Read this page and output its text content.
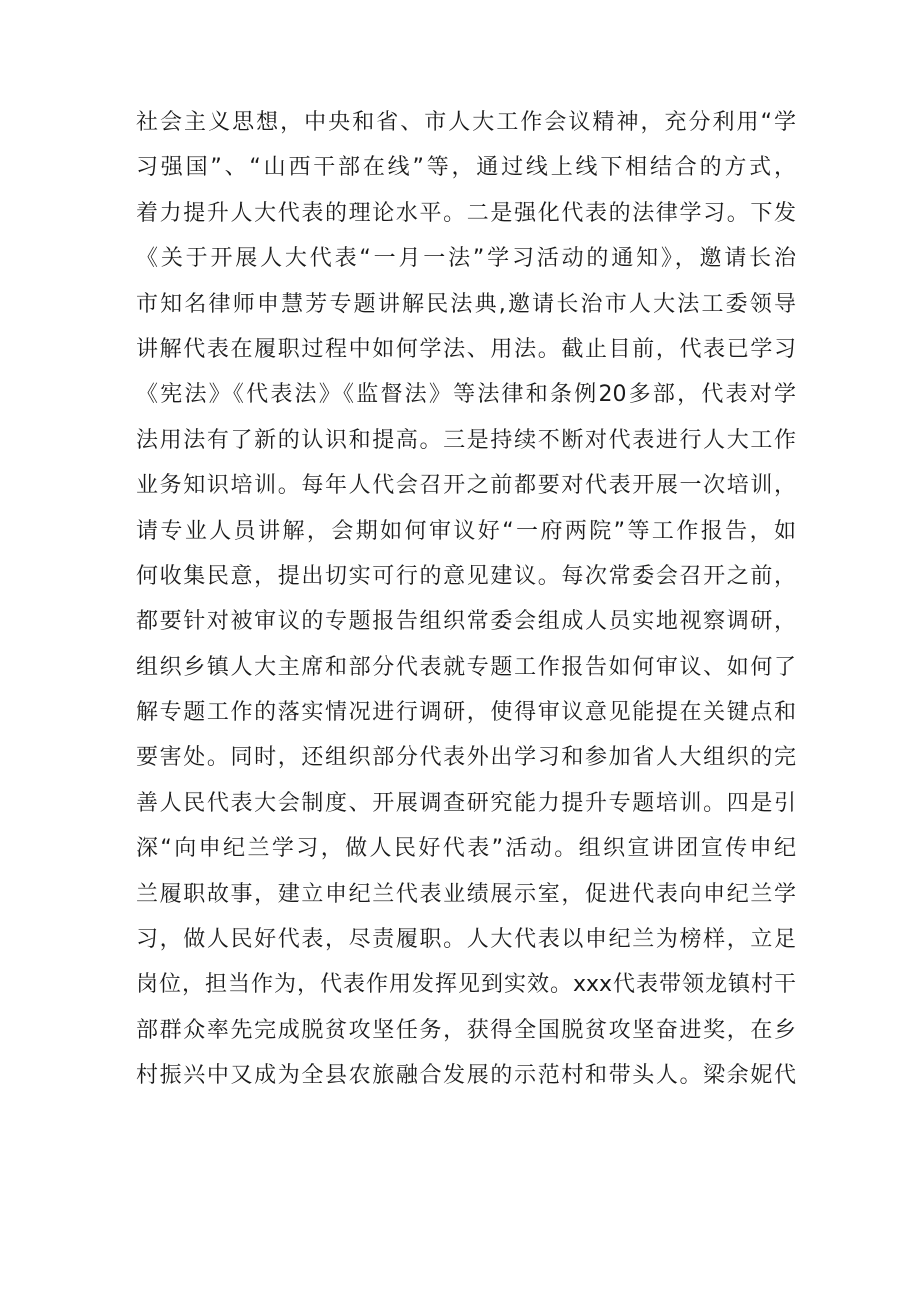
社会主义思想，中央和省、市人大工作会议精神，充分利用“学
习强国”、“山西干部在线”等，通过线上线下相结合的方式，
着力提升人大代表的理论水平。二是强化代表的法律学习。下发
《关于开展人大代表“一月一法”学习活动的通知》，邀请长治
市知名律师申慧芳专题讲解民法典,邀请长治市人大法工委领导
讲解代表在履职过程中如何学法、用法。截止目前，代表已学习
《宪法》《代表法》《监督法》等法律和条例20多部，代表对学
法用法有了新的认识和提高。三是持续不断对代表进行人大工作
业务知识培训。每年人代会召开之前都要对代表开展一次培训，
请专业人员讲解，会期如何审议好“一府两院”等工作报告，如
何收集民意，提出切实可行的意见建议。每次常委会召开之前，
都要针对被审议的专题报告组织常委会组成人员实地视察调研，
组织乡镇人大主席和部分代表就专题工作报告如何审议、如何了
解专题工作的落实情况进行调研，使得审议意见能提在关键点和
要害处。同时，还组织部分代表外出学习和参加省人大组织的完
善人民代表大会制度、开展调查研究能力提升专题培训。四是引
深“向申纪兰学习，做人民好代表”活动。组织宣讲团宣传申纪
兰履职故事，建立申纪兰代表业绩展示室，促进代表向申纪兰学
习，做人民好代表，尽责履职。人大代表以申纪兰为榜样，立足
岗位，担当作为，代表作用发挥见到实效。xxx代表带领龙镇村干
部群众率先完成脱贫攻坚任务，获得全国脱贫攻坚奋进奖，在乡
村振兴中又成为全县农旅融合发展的示范村和带头人。梁余妮代
